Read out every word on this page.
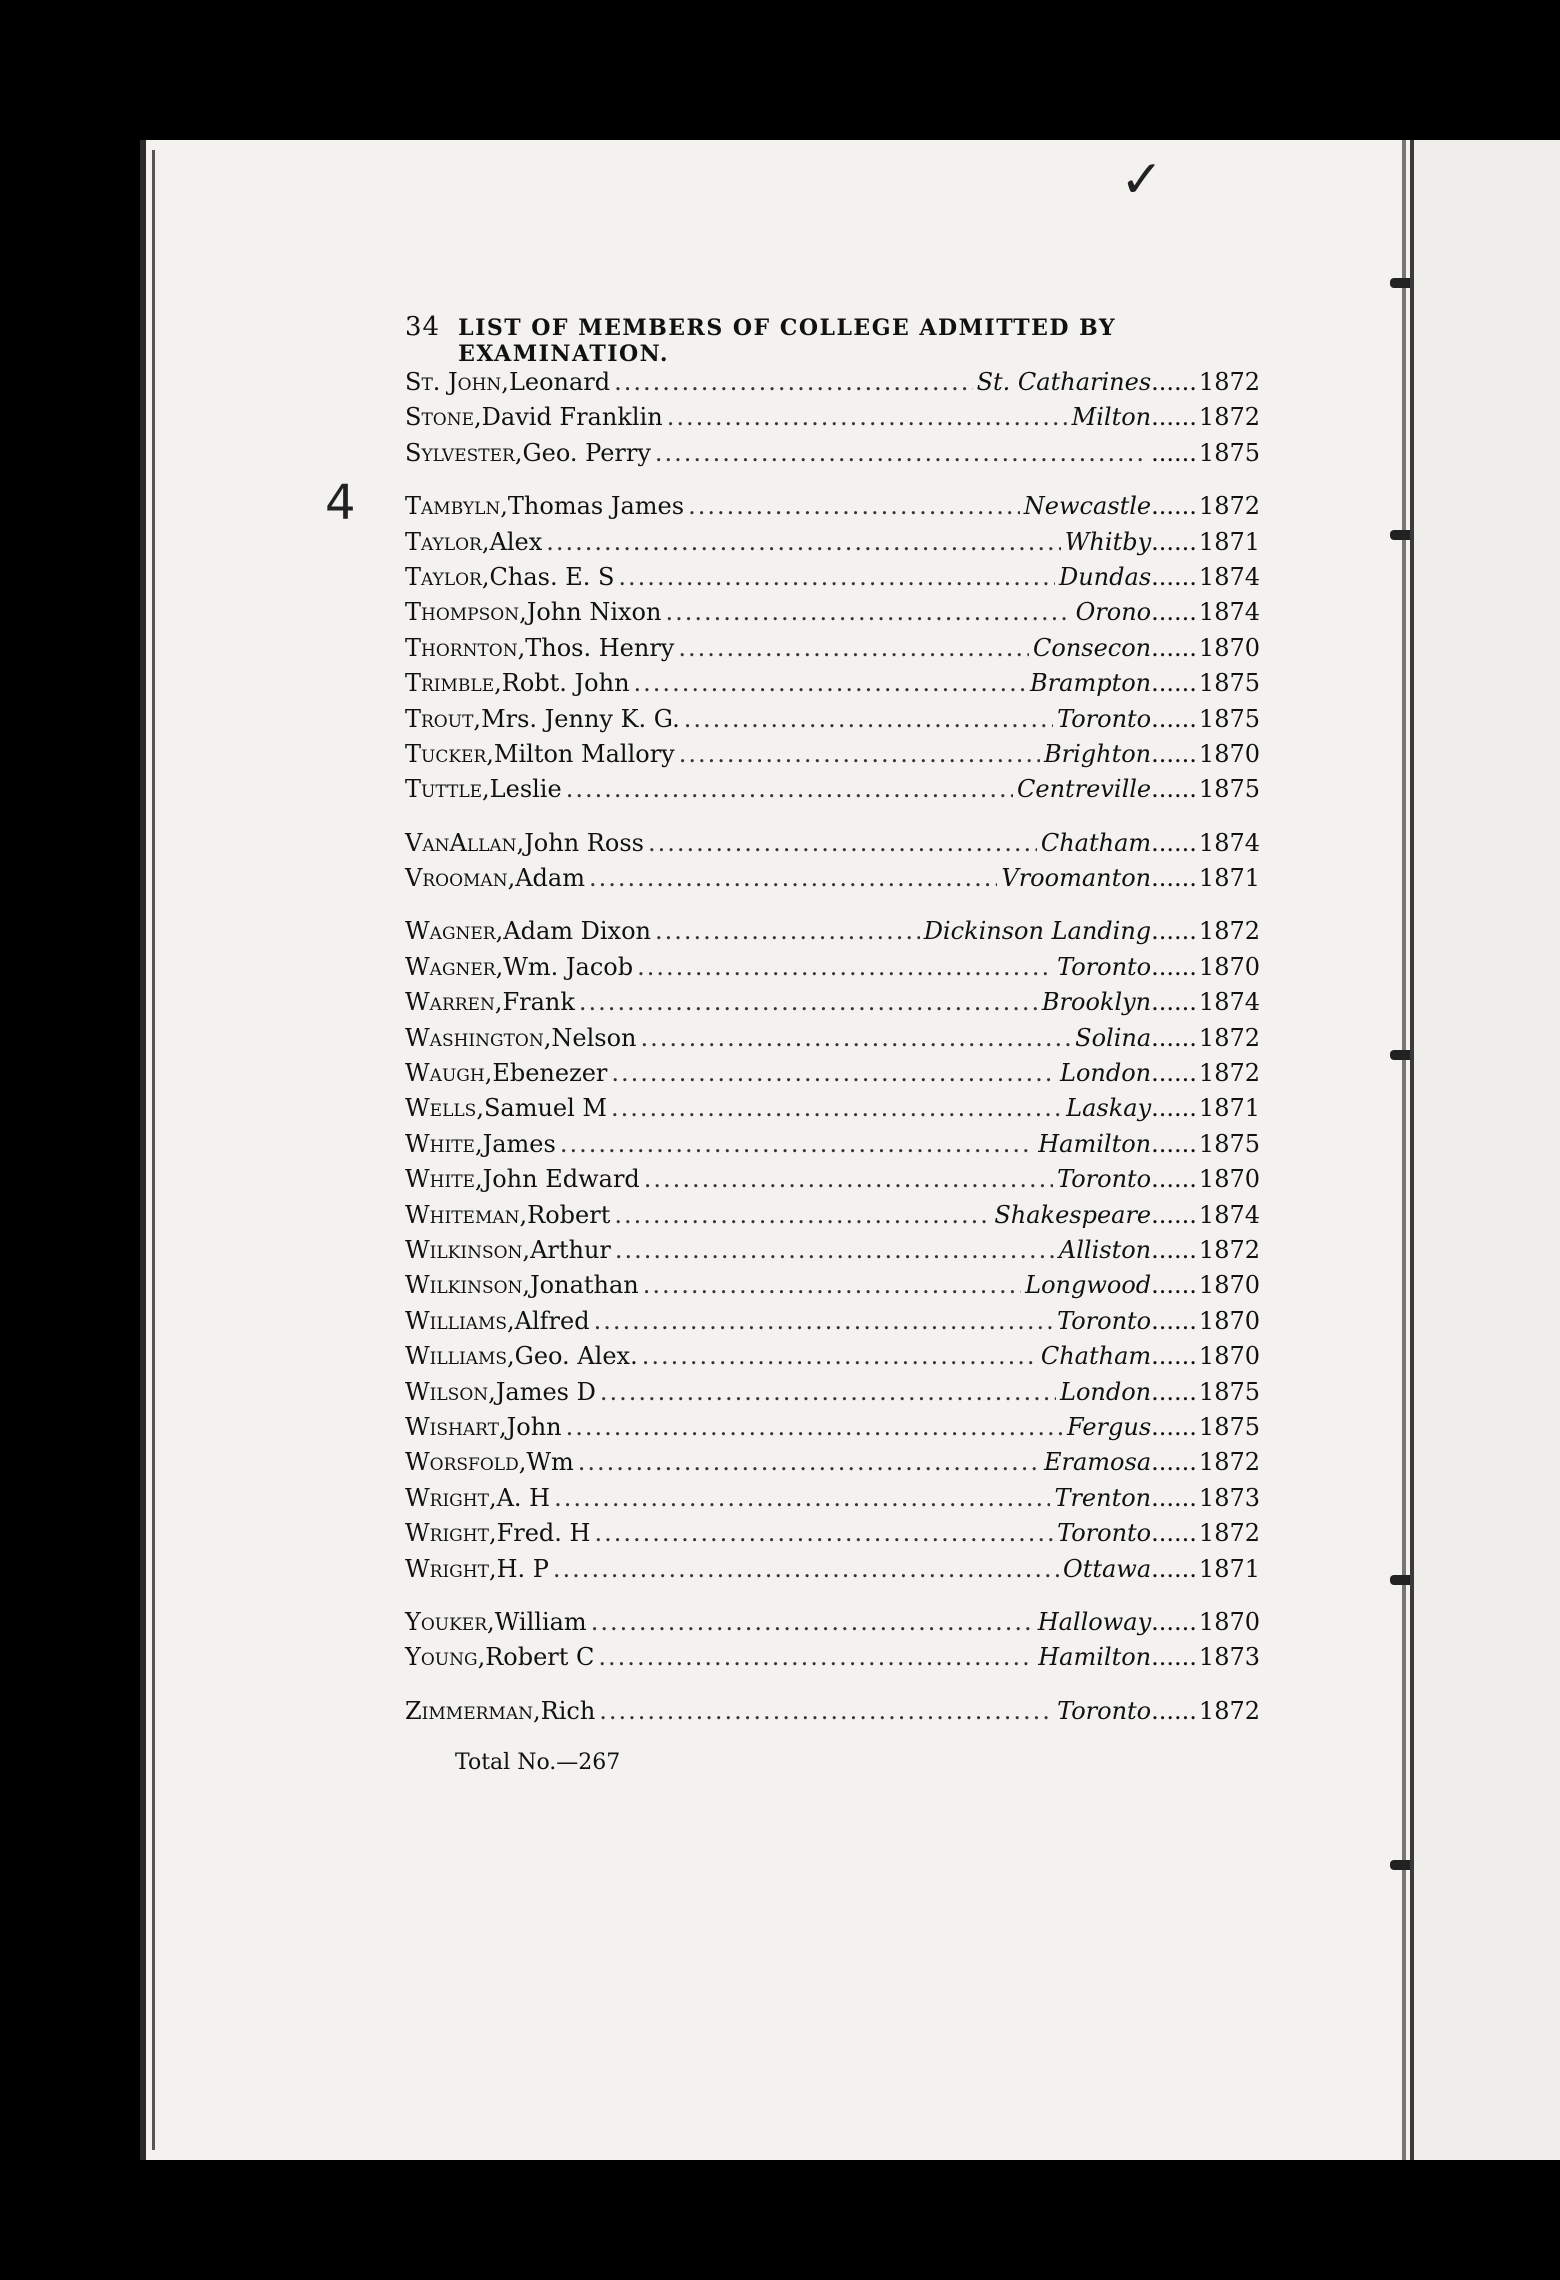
4
✓
34 LIST OF MEMBERS OF COLLEGE ADMITTED BY EXAMINATION.
St. John , Leonard .....	St. Catharines ...... 1872
Stone , David Franklin .....	Milton ...... 1872
Sylvester , Geo. Perry .....	...... 1875
Tambyln , Thomas James .....	Newcastle ...... 1872
Taylor , Alex .....	Whitby ...... 1871
Taylor , Chas. E. S .....	Dundas ...... 1874
Thompson , John Nixon .....	Orono ...... 1874
Thornton , Thos. Henry .....	Consecon ...... 1870
Trimble , Robt. John .....	Brampton ...... 1875
Trout , Mrs. Jenny K. G. .....	Toronto ...... 1875
Tucker , Milton Mallory .....	Brighton ...... 1870
Tuttle , Leslie .....	Centreville ...... 1875
VanAllan , John Ross .....	Chatham ...... 1874
Vrooman , Adam .....	Vroomanton ...... 1871
Wagner , Adam Dixon .....	Dickinson Landing ...... 1872
Wagner , Wm. Jacob .....	Toronto ...... 1870
Warren , Frank .....	Brooklyn ...... 1874
Washington , Nelson .....	Solina ...... 1872
Waugh , Ebenezer .....	London ...... 1872
Wells , Samuel M .....	Laskay ...... 1871
White , James .....	Hamilton ...... 1875
White , John Edward .....	Toronto ...... 1870
Whiteman , Robert .....	Shakespeare ...... 1874
Wilkinson , Arthur .....	Alliston ...... 1872
Wilkinson , Jonathan .....	Longwood ...... 1870
Williams , Alfred .....	Toronto ...... 1870
Williams , Geo. Alex. .....	Chatham ...... 1870
Wilson , James D .....	London ...... 1875
Wishart , John .....	Fergus ...... 1875
Worsfold , Wm .....	Eramosa ...... 1872
Wright , A. H .....	Trenton ...... 1873
Wright , Fred. H .....	Toronto ...... 1872
Wright , H. P .....	Ottawa ...... 1871
Youker , William .....	Halloway ...... 1870
Young , Robert C .....	Hamilton ...... 1873
Zimmerman , Rich .....	Toronto ...... 1872
Total No.—267
